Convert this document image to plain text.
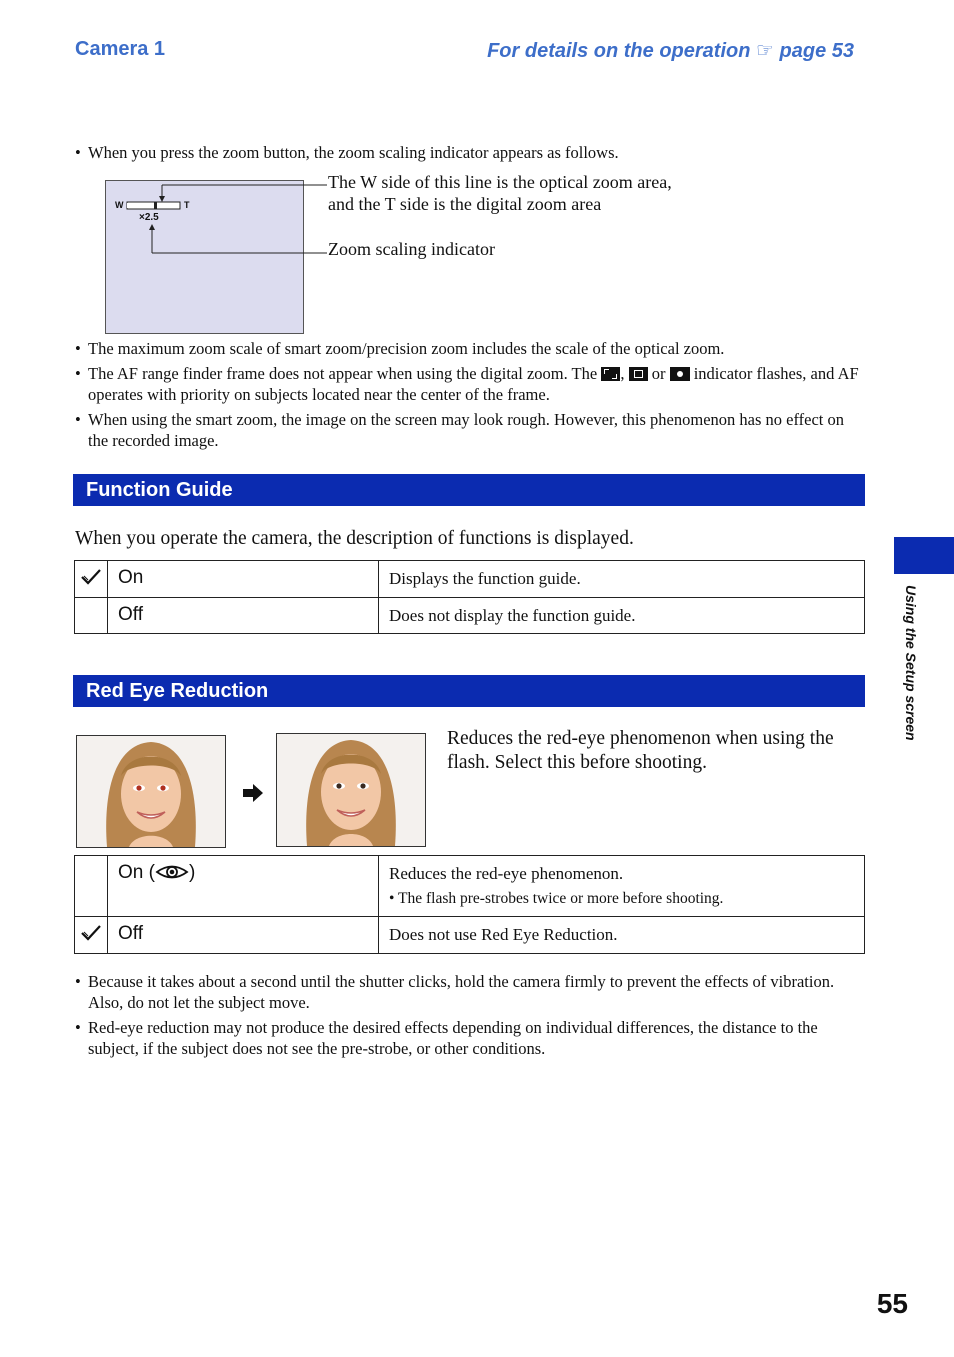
Camera 1	For details on the operation ☞ page 53
• When you press the zoom button, the zoom scaling indicator appears as follows.
W	T
×2.5
The W side of this line is the optical zoom area,
and the T side is the digital zoom area
Zoom scaling indicator
• The maximum zoom scale of smart zoom/precision zoom includes the scale of the optical zoom.
• The AF range finder frame does not appear when using the digital zoom. The , or indicator flashes, and AF operates with priority on subjects located near the center of the frame.
• When using the smart zoom, the image on the screen may look rough. However, this phenomenon has no effect on the recorded image.
Function Guide
When you operate the camera, the description of functions is displayed.
	On	Displays the function guide.
	Off	Does not display the function guide.
Red Eye Reduction
Reduces the red-eye phenomenon when using the flash. Select this before shooting.
	On ( )	Reduces the red-eye phenomenon.
• The flash pre-strobes twice or more before shooting.

	Off	Does not use Red Eye Reduction.
• Because it takes about a second until the shutter clicks, hold the camera firmly to prevent the effects of vibration. Also, do not let the subject move.
• Red-eye reduction may not produce the desired effects depending on individual differences, the distance to the subject, if the subject does not see the pre-strobe, or other conditions.
Using the Setup screen
55
